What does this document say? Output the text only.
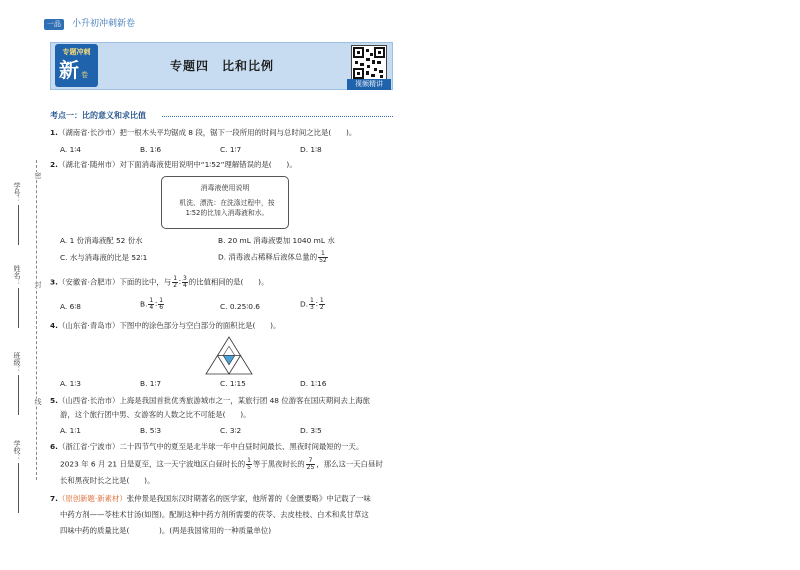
一品	小升初冲刺新卷
专题冲刺
新 卷
专题四　比和比例
视频精讲
考点一：比的意义和求比值
学号：
姓名：
班级：
学校：
密
封
线
1.（湖南省·长沙市）把一根木头平均锯成 8 段，锯下一段所用的时间与总时间之比是(　　)。
A. 1∶4	B. 1∶6	C. 1∶7	D. 1∶8
2.（湖北省·随州市）对下面消毒液使用说明中“1∶52”理解错误的是(　　)。
消毒液使用说明
机洗、漂洗：在洗涤过程中，按
1∶52的比加入消毒液和水。
A. 1 份消毒液配 52 份水	B. 20 mL 消毒液要加 1040 mL 水
C. 水与消毒液的比是 52∶1	D. 消毒液占稀释后液体总量的 $\frac{1}{52}$
3.（安徽省·合肥市）下面的比中，与 $\frac{1}{2}$ ∶ $\frac{3}{4}$ 的比值相同的是(　　)。
A. 6∶8	B. $\frac{1}{4}$ ∶ $\frac{1}{6}$	C. 0.25∶0.6	D. $\frac{1}{3}$ ∶ $\frac{1}{2}$
4.（山东省·青岛市）下图中的涂色部分与空白部分的面积比是(　　)。
A. 1∶3	B. 1∶7	C. 1∶15	D. 1∶16
5.（山西省·长治市）上海是我国首批优秀旅游城市之一，某旅行团 48 位游客在国庆期间去上海旅
游，这个旅行团中男、女游客的人数之比不可能是(　　)。
A. 1∶1	B. 5∶3	C. 3∶2	D. 3∶5
6.（浙江省·宁波市）二十四节气中的夏至是北半球一年中白昼时间最长、黑夜时间最短的一天。
2023 年 6 月 21 日是夏至，这一天宁波地区白昼时长的 $\frac{1}{5}$ 等于黑夜时长的 $\frac{7}{25}$ ，那么这一天白昼时
长和黑夜时长之比是(　　)。
7.（原创新题·新素材）张仲景是我国东汉时期著名的医学家，他所著的《金匮要略》中记载了一味
中药方剂——苓桂术甘汤(如图)。配制这种中药方剂所需要的茯苓、去皮桂枝、白术和炙甘草这
四味中药的质量比是(　　　　)。(两是我国常用的一种质量单位)
